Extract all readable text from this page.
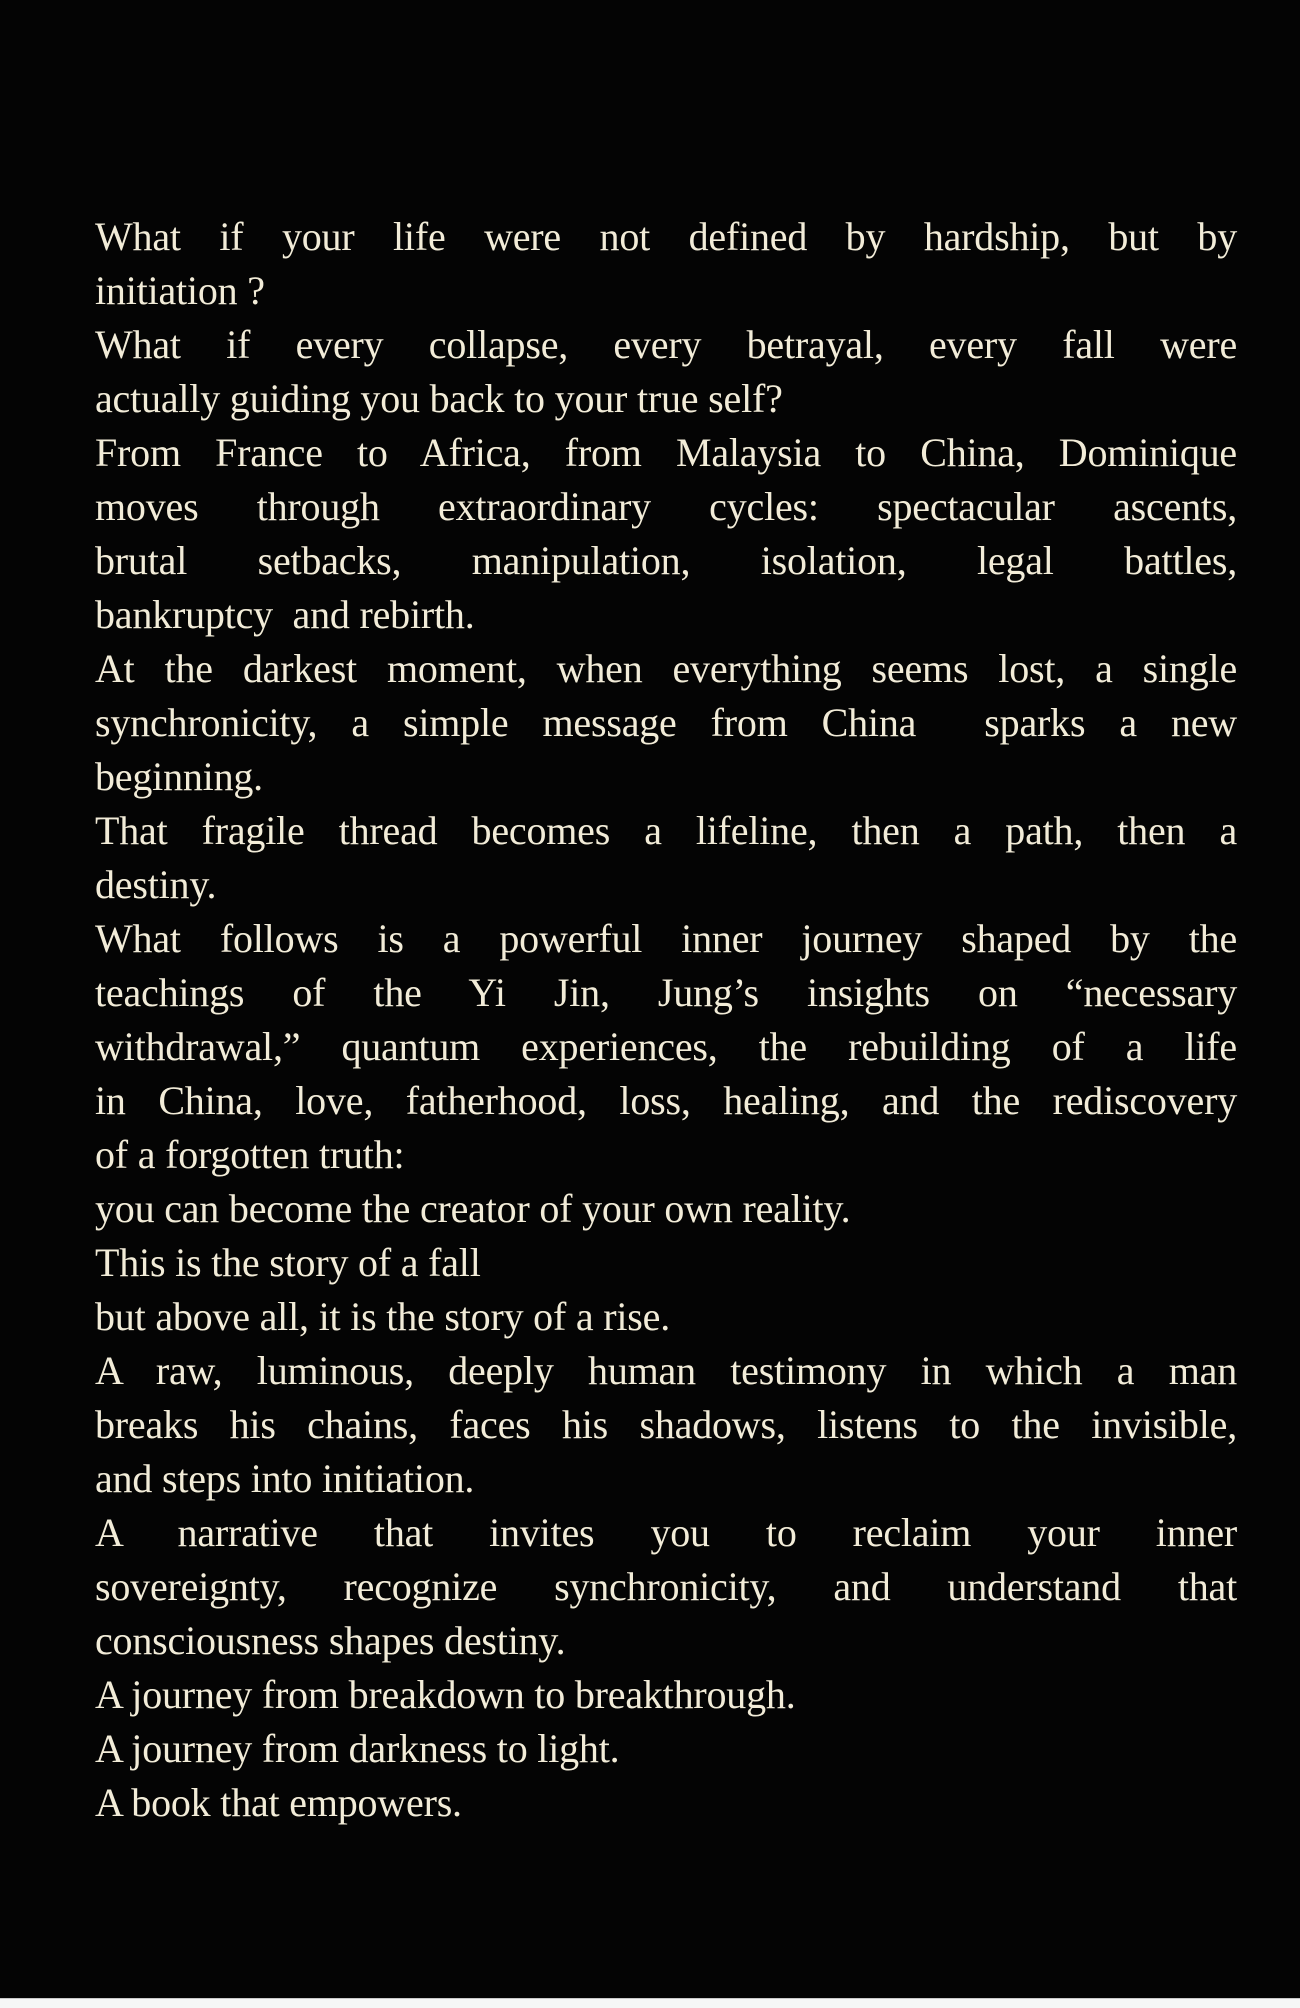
What if your life were not defined by hardship, but by
initiation ?
What if every collapse, every betrayal, every fall were
actually guiding you back to your true self?
From France to Africa, from Malaysia to China, Dominique
moves through extraordinary cycles: spectacular ascents,
brutal setbacks, manipulation, isolation, legal battles,
bankruptcy  and rebirth.
At the darkest moment, when everything seems lost, a single
synchronicity, a simple message from China  sparks a new
beginning.
That fragile thread becomes a lifeline, then a path, then a
destiny.
What follows is a powerful inner journey shaped by the
teachings of the Yi Jin, Jung’s insights on “necessary
withdrawal,” quantum experiences, the rebuilding of a life
in China, love, fatherhood, loss, healing, and the rediscovery
of a forgotten truth:
you can become the creator of your own reality.
This is the story of a fall
but above all, it is the story of a rise.
A raw, luminous, deeply human testimony in which a man
breaks his chains, faces his shadows, listens to the invisible,
and steps into initiation.
A narrative that invites you to reclaim your inner
sovereignty, recognize synchronicity, and understand that
consciousness shapes destiny.
A journey from breakdown to breakthrough.
A journey from darkness to light.
A book that empowers.
